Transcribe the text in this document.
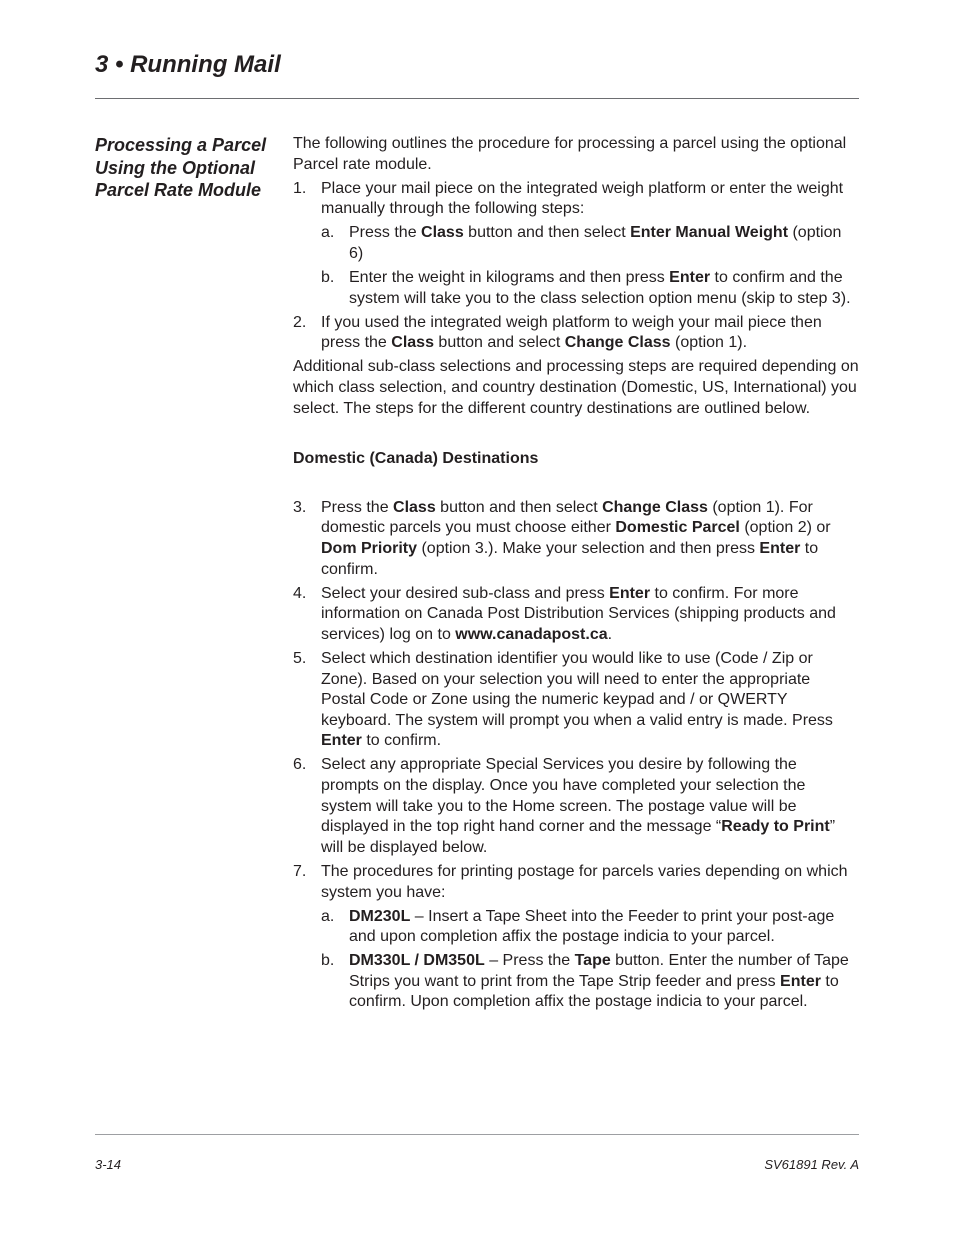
3 • Running Mail
Processing a Parcel Using the Optional Parcel Rate Module

The following outlines the procedure for processing a parcel using the optional Parcel rate module.

1. Place your mail piece on the integrated weigh platform or enter the weight manually through the following steps:
a. Press the Class button and then select Enter Manual Weight (option 6)
b. Enter the weight in kilograms and then press Enter to confirm and the system will take you to the class selection option menu (skip to step 3).
2. If you used the integrated weigh platform to weigh your mail piece then press the Class button and select Change Class (option 1).

Additional sub-class selections and processing steps are required depending on which class selection, and country destination (Domestic, US, International) you select. The steps for the different country destinations are outlined below.

Domestic (Canada) Destinations

3. Press the Class button and then select Change Class (option 1). For domestic parcels you must choose either Domestic Parcel (option 2) or Dom Priority (option 3.). Make your selection and then press Enter to confirm.
4. Select your desired sub-class and press Enter to confirm. For more information on Canada Post Distribution Services (shipping products and services) log on to www.canadapost.ca.
5. Select which destination identifier you would like to use (Code / Zip or Zone). Based on your selection you will need to enter the appropriate Postal Code or Zone using the numeric keypad and / or QWERTY keyboard. The system will prompt you when a valid entry is made. Press Enter to confirm.
6. Select any appropriate Special Services you desire by following the prompts on the display. Once you have completed your selection the system will take you to the Home screen. The postage value will be displayed in the top right hand corner and the message “Ready to Print” will be displayed below.
7. The procedures for printing postage for parcels varies depending on which system you have:
a. DM230L – Insert a Tape Sheet into the Feeder to print your post-age and upon completion affix the postage indicia to your parcel.
b. DM330L / DM350L – Press the Tape button. Enter the number of Tape Strips you want to print from the Tape Strip feeder and press Enter to confirm. Upon completion affix the postage indicia to your parcel.
3-14	SV61891 Rev. A
